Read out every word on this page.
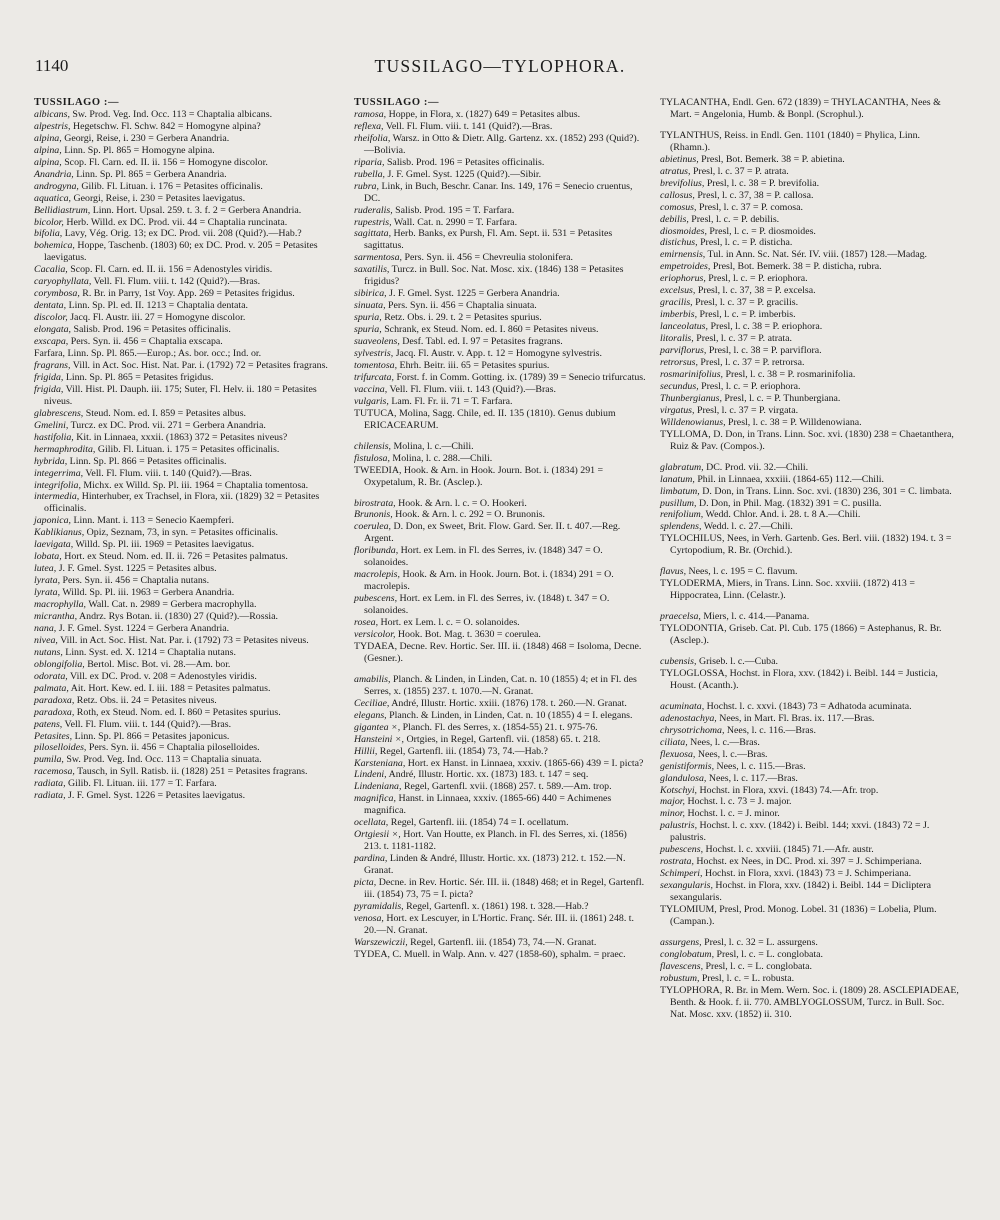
1140	TUSSILAGO—TYLOPHORA.
TUSSILAGO :—
albicans, Sw. Prod. Veg. Ind. Occ. 113 = Chaptalia albicans.
alpestris, Hegetschw. Fl. Schw. 842 = Homogyne alpina?
alpina, Georgi, Reise, i. 230 = Gerbera Anandria.
alpina, Linn. Sp. Pl. 865 = Homogyne alpina.
alpina, Scop. Fl. Carn. ed. II. ii. 156 = Homogyne discolor.
Anandria, Linn. Sp. Pl. 865 = Gerbera Anandria.
androgyna, Gilib. Fl. Lituan. i. 176 = Petasites officinalis.
aquatica, Georgi, Reise, i. 230 = Petasites laevigatus.
Bellidiastrum, Linn. Hort. Upsal. 259. t. 3. f. 2 = Gerbera Anandria.
bicolor, Herb. Willd. ex DC. Prod. vii. 44 = Chaptalia runcinata.
bifolia, Lavy, Vég. Orig. 13; ex DC. Prod. vii. 208 (Quid?).—Hab.?
bohemica, Hoppe, Taschenb. (1803) 60; ex DC. Prod. v. 205 = Petasites laevigatus.
Cacalia, Scop. Fl. Carn. ed. II. ii. 156 = Adenostyles viridis.
caryophyllata, Vell. Fl. Flum. viii. t. 142 (Quid?).—Bras.
corymbosa, R. Br. in Parry, 1st Voy. App. 269 = Petasites frigidus.
dentata, Linn. Sp. Pl. ed. II. 1213 = Chaptalia dentata.
discolor, Jacq. Fl. Austr. iii. 27 = Homogyne discolor.
elongata, Salisb. Prod. 196 = Petasites officinalis.
exscapa, Pers. Syn. ii. 456 = Chaptalia exscapa.
Farfara, Linn. Sp. Pl. 865.—Europ.; As. bor. occ.; Ind. or.
fragrans, Vill. in Act. Soc. Hist. Nat. Par. i. (1792) 72 = Petasites fragrans.
frigida, Linn. Sp. Pl. 865 = Petasites frigidus.
frigida, Vill. Hist. Pl. Dauph. iii. 175; Suter, Fl. Helv. ii. 180 = Petasites niveus.
glabrescens, Steud. Nom. ed. I. 859 = Petasites albus.
Gmelini, Turcz. ex DC. Prod. vii. 271 = Gerbera Anandria.
hastifolia, Kit. in Linnaea, xxxii. (1863) 372 = Petasites niveus?
hermaphrodita, Gilib. Fl. Lituan. i. 175 = Petasites officinalis.
hybrida, Linn. Sp. Pl. 866 = Petasites officinalis.
integerrima, Vell. Fl. Flum. viii. t. 140 (Quid?).—Bras.
integrifolia, Michx. ex Willd. Sp. Pl. iii. 1964 = Chaptalia tomentosa.
intermedia, Hinterhuber, ex Trachsel, in Flora, xii. (1829) 32 = Petasites officinalis.
japonica, Linn. Mant. i. 113 = Senecio Kaempferi.
Kablikianus, Opiz, Seznam, 73, in syn. = Petasites officinalis.
laevigata, Willd. Sp. Pl. iii. 1969 = Petasites laevigatus.
lobata, Hort. ex Steud. Nom. ed. II. ii. 726 = Petasites palmatus.
lutea, J. F. Gmel. Syst. 1225 = Petasites albus.
lyrata, Pers. Syn. ii. 456 = Chaptalia nutans.
lyrata, Willd. Sp. Pl. iii. 1963 = Gerbera Anandria.
macrophylla, Wall. Cat. n. 2989 = Gerbera macrophylla.
micrantha, Andrz. Rys Botan. ii. (1830) 27 (Quid?).—Rossia.
nana, J. F. Gmel. Syst. 1224 = Gerbera Anandria.
nivea, Vill. in Act. Soc. Hist. Nat. Par. i. (1792) 73 = Petasites niveus.
nutans, Linn. Syst. ed. X. 1214 = Chaptalia nutans.
oblongifolia, Bertol. Misc. Bot. vi. 28.—Am. bor.
odorata, Vill. ex DC. Prod. v. 208 = Adenostyles viridis.
palmata, Ait. Hort. Kew. ed. I. iii. 188 = Petasites palmatus.
paradoxa, Retz. Obs. ii. 24 = Petasites niveus.
paradoxa, Roth, ex Steud. Nom. ed. I. 860 = Petasites spurius.
patens, Vell. Fl. Flum. viii. t. 144 (Quid?).—Bras.
Petasites, Linn. Sp. Pl. 866 = Petasites japonicus.
piloselloides, Pers. Syn. ii. 456 = Chaptalia piloselloides.
pumila, Sw. Prod. Veg. Ind. Occ. 113 = Chaptalia sinuata.
racemosa, Tausch, in Syll. Ratisb. ii. (1828) 251 = Petasites fragrans.
radiata, Gilib. Fl. Lituan. iii. 177 = T. Farfara.
radiata, J. F. Gmel. Syst. 1226 = Petasites laevigatus.
TUSSILAGO :—
ramosa, Hoppe, in Flora, x. (1827) 649 = Petasites albus.
reflexa, Vell. Fl. Flum. viii. t. 141 (Quid?).—Bras.
rheifolia, Warsz. in Otto & Dietr. Allg. Gartenz. xx. (1852) 293 (Quid?).—Bolivia.
riparia, Salisb. Prod. 196 = Petasites officinalis.
rubella, J. F. Gmel. Syst. 1225 (Quid?).—Sibir.
rubra, Link, in Buch, Beschr. Canar. Ins. 149, 176 = Senecio cruentus, DC.
ruderalis, Salisb. Prod. 195 = T. Farfara.
rupestris, Wall. Cat. n. 2990 = T. Farfara.
sagittata, Herb. Banks, ex Pursh, Fl. Am. Sept. ii. 531 = Petasites sagittatus.
sarmentosa, Pers. Syn. ii. 456 = Chevreulia stolonifera.
saxatilis, Turcz. in Bull. Soc. Nat. Mosc. xix. (1846) 138 = Petasites frigidus?
sibirica, J. F. Gmel. Syst. 1225 = Gerbera Anandria.
sinuata, Pers. Syn. ii. 456 = Chaptalia sinuata.
spuria, Retz. Obs. i. 29. t. 2 = Petasites spurius.
spuria, Schrank, ex Steud. Nom. ed. I. 860 = Petasites niveus.
suaveolens, Desf. Tabl. ed. I. 97 = Petasites fragrans.
sylvestris, Jacq. Fl. Austr. v. App. t. 12 = Homogyne sylvestris.
tomentosa, Ehrh. Beitr. iii. 65 = Petasites spurius.
trifurcata, Forst. f. in Comm. Gotting. ix. (1789) 39 = Senecio trifurcatus.
vaccina, Vell. Fl. Flum. viii. t. 143 (Quid?).—Bras.
vulgaris, Lam. Fl. Fr. ii. 71 = T. Farfara.
TUTUCA, Molina, Sagg. Chile, ed. II. 135 (1810). Genus dubium ERICACEARUM.
chilensis, Molina, l. c.—Chili.
fistulosa, Molina, l. c. 288.—Chili.
TWEEDIA, Hook. & Arn. in Hook. Journ. Bot. i. (1834) 291 = Oxypetalum, R. Br. (Asclep.).
birostrata, Hook. & Arn. l. c. = O. Hookeri.
Brunonis, Hook. & Arn. l. c. 292 = O. Brunonis.
coerulea, D. Don, ex Sweet, Brit. Flow. Gard. Ser. II. t. 407.—Reg. Argent.
floribunda, Hort. ex Lem. in Fl. des Serres, iv. (1848) 347 = O. solanoides.
macrolepis, Hook. & Arn. in Hook. Journ. Bot. i. (1834) 291 = O. macrolepis.
pubescens, Hort. ex Lem. in Fl. des Serres, iv. (1848) t. 347 = O. solanoides.
rosea, Hort. ex Lem. l. c. = O. solanoides.
versicolor, Hook. Bot. Mag. t. 3630 = coerulea.
TYDAEA, Decne. Rev. Hortic. Ser. III. ii. (1848) 468 = Isoloma, Decne. (Gesner.).
amabilis, Planch. & Linden, in Linden, Cat. n. 10 (1855) 4; et in Fl. des Serres, x. (1855) 237. t. 1070.—N. Granat.
Ceciliae, André, Illustr. Hortic. xxiii. (1876) 178. t. 260.—N. Granat.
elegans, Planch. & Linden, in Linden, Cat. n. 10 (1855) 4 = I. elegans.
gigantea ×, Planch. Fl. des Serres, x. (1854-55) 21. t. 975-76.
Hansteini ×, Ortgies, in Regel, Gartenfl. vii. (1858) 65. t. 218.
Hillii, Regel, Gartenfl. iii. (1854) 73, 74.—Hab.?
Karsteniana, Hort. ex Hanst. in Linnaea, xxxiv. (1865-66) 439 = I. picta?
Lindeni, André, Illustr. Hortic. xx. (1873) 183. t. 147 = seq.
Lindeniana, Regel, Gartenfl. xvii. (1868) 257. t. 589.—Am. trop.
magnifica, Hanst. in Linnaea, xxxiv. (1865-66) 440 = Achimenes magnifica.
ocellata, Regel, Gartenfl. iii. (1854) 74 = I. ocellatum.
Ortgiesii ×, Hort. Van Houtte, ex Planch. in Fl. des Serres, xi. (1856) 213. t. 1181-1182.
pardina, Linden & André, Illustr. Hortic. xx. (1873) 212. t. 152.—N. Granat.
picta, Decne. in Rev. Hortic. Sér. III. ii. (1848) 468; et in Regel, Gartenfl. iii. (1854) 73, 75 = I. picta?
pyramidalis, Regel, Gartenfl. x. (1861) 198. t. 328.—Hab.?
venosa, Hort. ex Lescuyer, in L'Hortic. Franç. Sér. III. ii. (1861) 248. t. 20.—N. Granat.
Warszewiczii, Regel, Gartenfl. iii. (1854) 73, 74.—N. Granat.
TYDEA, C. Muell. in Walp. Ann. v. 427 (1858-60), sphalm. = praec.
TYLACANTHA, Endl. Gen. 672 (1839) = THYLACANTHA, Nees & Mart. = Angelonia, Humb. & Bonpl. (Scrophul.).
TYLANTHUS, Reiss. in Endl. Gen. 1101 (1840) = Phylica, Linn. (Rhamn.).
abietinus, Presl, Bot. Bemerk. 38 = P. abietina.
atratus, Presl, l. c. 37 = P. atrata.
brevifolius, Presl, l. c. 38 = P. brevifolia.
callosus, Presl, l. c. 37, 38 = P. callosa.
comosus, Presl, l. c. 37 = P. comosa.
debilis, Presl, l. c. = P. debilis.
diosmoides, Presl, l. c. = P. diosmoides.
distichus, Presl, l. c. = P. disticha.
emirnensis, Tul. in Ann. Sc. Nat. Sér. IV. viii. (1857) 128.—Madag.
empetroides, Presl, Bot. Bemerk. 38 = P. disticha, rubra.
eriophorus, Presl, l. c. = P. eriophora.
excelsus, Presl, l. c. 37, 38 = P. excelsa.
gracilis, Presl, l. c. 37 = P. gracilis.
imberbis, Presl, l. c. = P. imberbis.
lanceolatus, Presl, l. c. 38 = P. eriophora.
litoralis, Presl, l. c. 37 = P. atrata.
parviflorus, Presl, l. c. 38 = P. parviflora.
retrorsus, Presl, l. c. 37 = P. retrorsa.
rosmarinifolius, Presl, l. c. 38 = P. rosmarinifolia.
secundus, Presl, l. c. = P. eriophora.
Thunbergianus, Presl, l. c. = P. Thunbergiana.
virgatus, Presl, l. c. 37 = P. virgata.
Willdenowianus, Presl, l. c. 38 = P. Willdenowiana.
TYLLOMA, D. Don, in Trans. Linn. Soc. xvi. (1830) 238 = Chaetanthera, Ruiz & Pav. (Compos.).
glabratum, DC. Prod. vii. 32.—Chili.
lanatum, Phil. in Linnaea, xxxiii. (1864-65) 112.—Chili.
limbatum, D. Don, in Trans. Linn. Soc. xvi. (1830) 236, 301 = C. limbata.
pusillum, D. Don, in Phil. Mag. (1832) 391 = C. pusilla.
renifolium, Wedd. Chlor. And. i. 28. t. 8 A.—Chili.
splendens, Wedd. l. c. 27.—Chili.
TYLOCHILUS, Nees, in Verh. Gartenb. Ges. Berl. viii. (1832) 194. t. 3 = Cyrtopodium, R. Br. (Orchid.).
flavus, Nees, l. c. 195 = C. flavum.
TYLODERMA, Miers, in Trans. Linn. Soc. xxviii. (1872) 413 = Hippocratea, Linn. (Celastr.).
praecelsa, Miers, l. c. 414.—Panama.
TYLODONTIA, Griseb. Cat. Pl. Cub. 175 (1866) = Astephanus, R. Br. (Asclep.).
cubensis, Griseb. l. c.—Cuba.
TYLOGLOSSA, Hochst. in Flora, xxv. (1842) i. Beibl. 144 = Justicia, Houst. (Acanth.).
acuminata, Hochst. l. c. xxvi. (1843) 73 = Adhatoda acuminata.
adenostachya, Nees, in Mart. Fl. Bras. ix. 117.—Bras.
chrysotrichoma, Nees, l. c. 116.—Bras.
ciliata, Nees, l. c.—Bras.
flexuosa, Nees, l. c.—Bras.
genistiformis, Nees, l. c. 115.—Bras.
glandulosa, Nees, l. c. 117.—Bras.
Kotschyi, Hochst. in Flora, xxvi. (1843) 74.—Afr. trop.
major, Hochst. l. c. 73 = J. major.
minor, Hochst. l. c. = J. minor.
palustris, Hochst. l. c. xxv. (1842) i. Beibl. 144; xxvi. (1843) 72 = J. palustris.
pubescens, Hochst. l. c. xxviii. (1845) 71.—Afr. austr.
rostrata, Hochst. ex Nees, in DC. Prod. xi. 397 = J. Schimperiana.
Schimperi, Hochst. in Flora, xxvi. (1843) 73 = J. Schimperiana.
sexangularis, Hochst. in Flora, xxv. (1842) i. Beibl. 144 = Dicliptera sexangularis.
TYLOMIUM, Presl, Prod. Monog. Lobel. 31 (1836) = Lobelia, Plum. (Campan.).
assurgens, Presl, l. c. 32 = L. assurgens.
conglobatum, Presl, l. c. = L. conglobata.
flavescens, Presl, l. c. = L. conglobata.
robustum, Presl, l. c. = L. robusta.
TYLOPHORA, R. Br. in Mem. Wern. Soc. i. (1809) 28. ASCLEPIADEAE, Benth. & Hook. f. ii. 770. AMBLYOGLOSSUM, Turcz. in Bull. Soc. Nat. Mosc. xxv. (1852) ii. 310.
